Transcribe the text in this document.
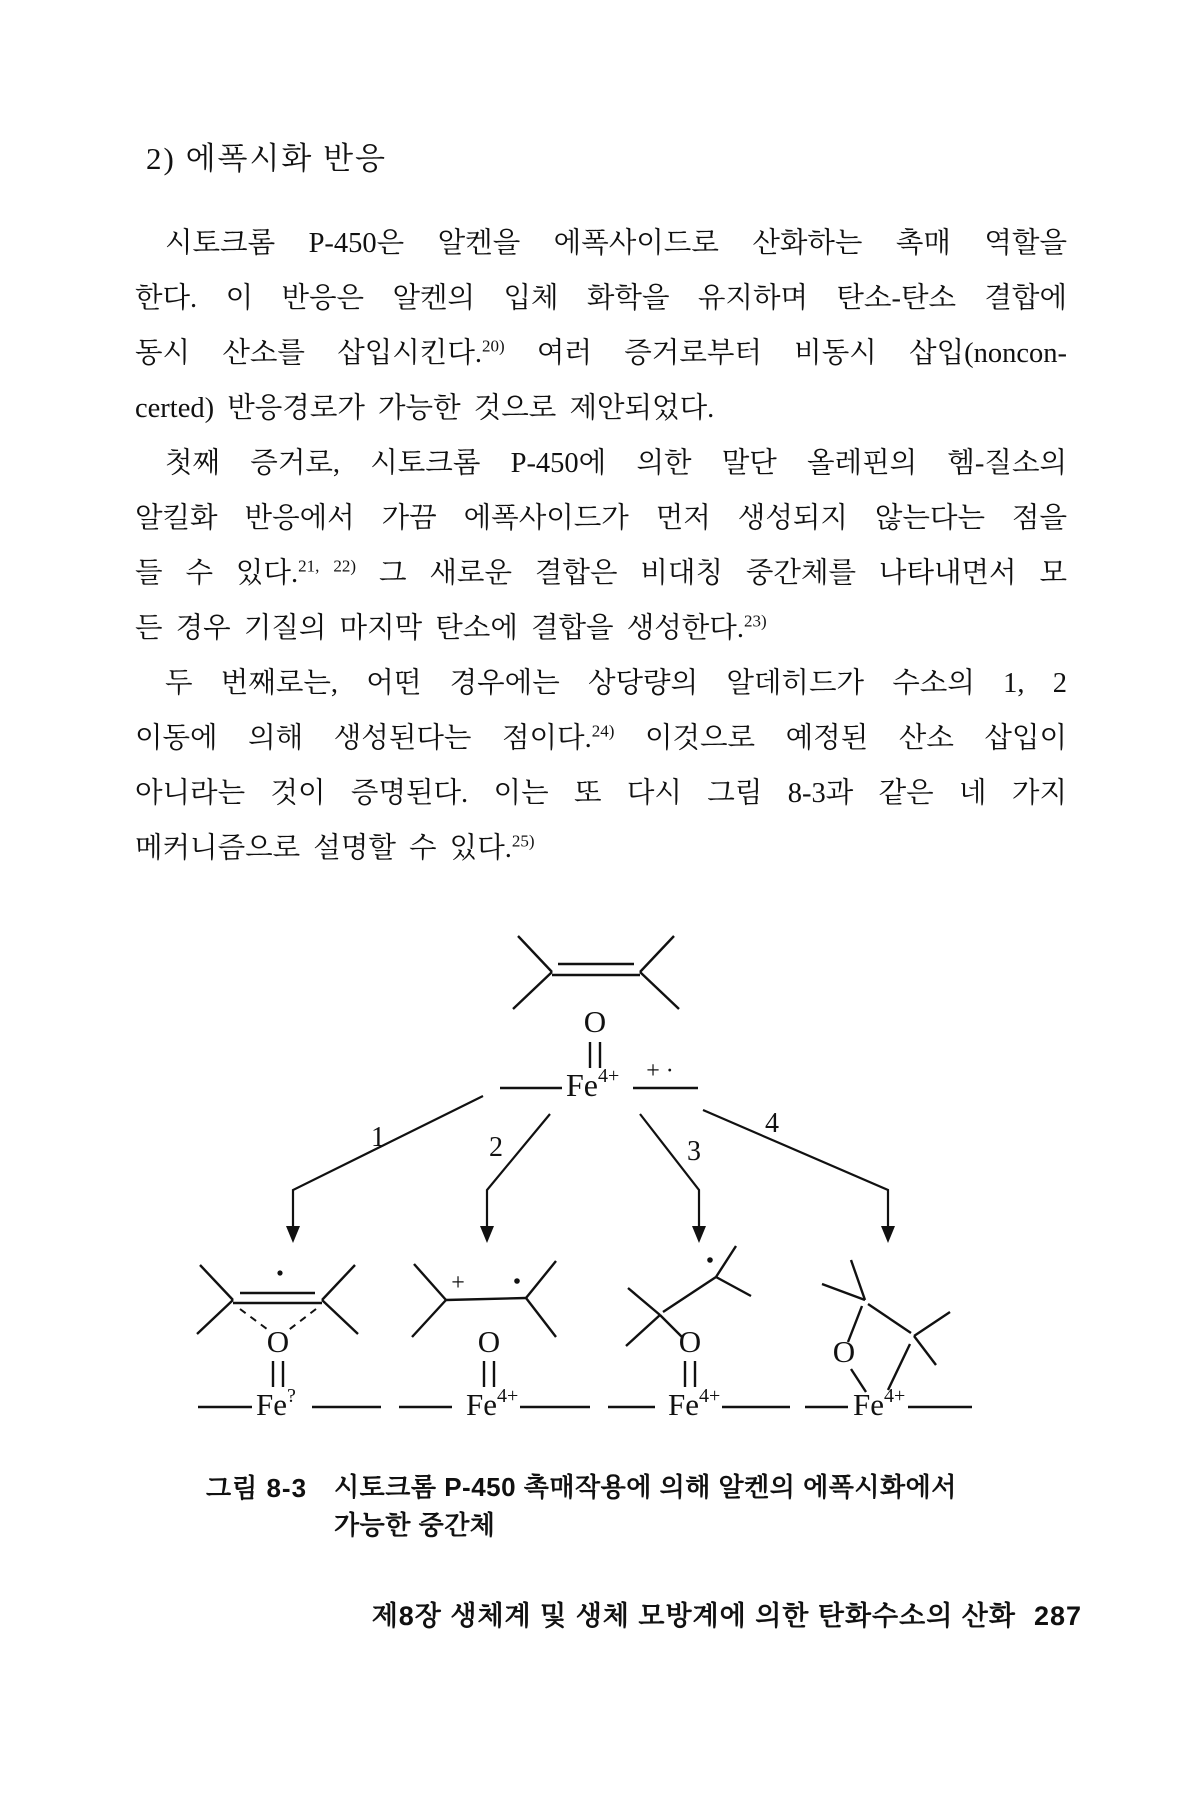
2) 에폭시화 반응
시토크롬 P-450은 알켄을 에폭사이드로 산화하는 촉매 역할을
한다. 이 반응은 알켄의 입체 화학을 유지하며 탄소-탄소 결합에
동시 산소를 삽입시킨다.$^{20)}$ 여러 증거로부터 비동시 삽입(noncon-
certed) 반응경로가 가능한 것으로 제안되었다.
첫째 증거로, 시토크롬 P-450에 의한 말단 올레핀의 헴-질소의
알킬화 반응에서 가끔 에폭사이드가 먼저 생성되지 않는다는 점을
들 수 있다.$^{21, 22)}$ 그 새로운 결합은 비대칭 중간체를 나타내면서 모
든 경우 기질의 마지막 탄소에 결합을 생성한다.$^{23)}$
두 번째로는, 어떤 경우에는 상당량의 알데히드가 수소의 1, 2
이동에 의해 생성된다는 점이다.$^{24)}$ 이것으로 예정된 산소 삽입이
아니라는 것이 증명된다. 이는 또 다시 그림 8-3과 같은 네 가지
메커니즘으로 설명할 수 있다.$^{25)}$
O
$Fe^{4+}$ + ·
1	2	3
4
O
Fe?
+
O
$Fe^{4+}$
O
$Fe^{4+}$
O
$Fe^{4+}$
그림 8-3	시토크롬 P-450 촉매작용에 의해 알켄의 에폭시화에서
가능한 중간체
제8장 생체계 및 생체 모방계에 의한 탄화수소의 산화 287
